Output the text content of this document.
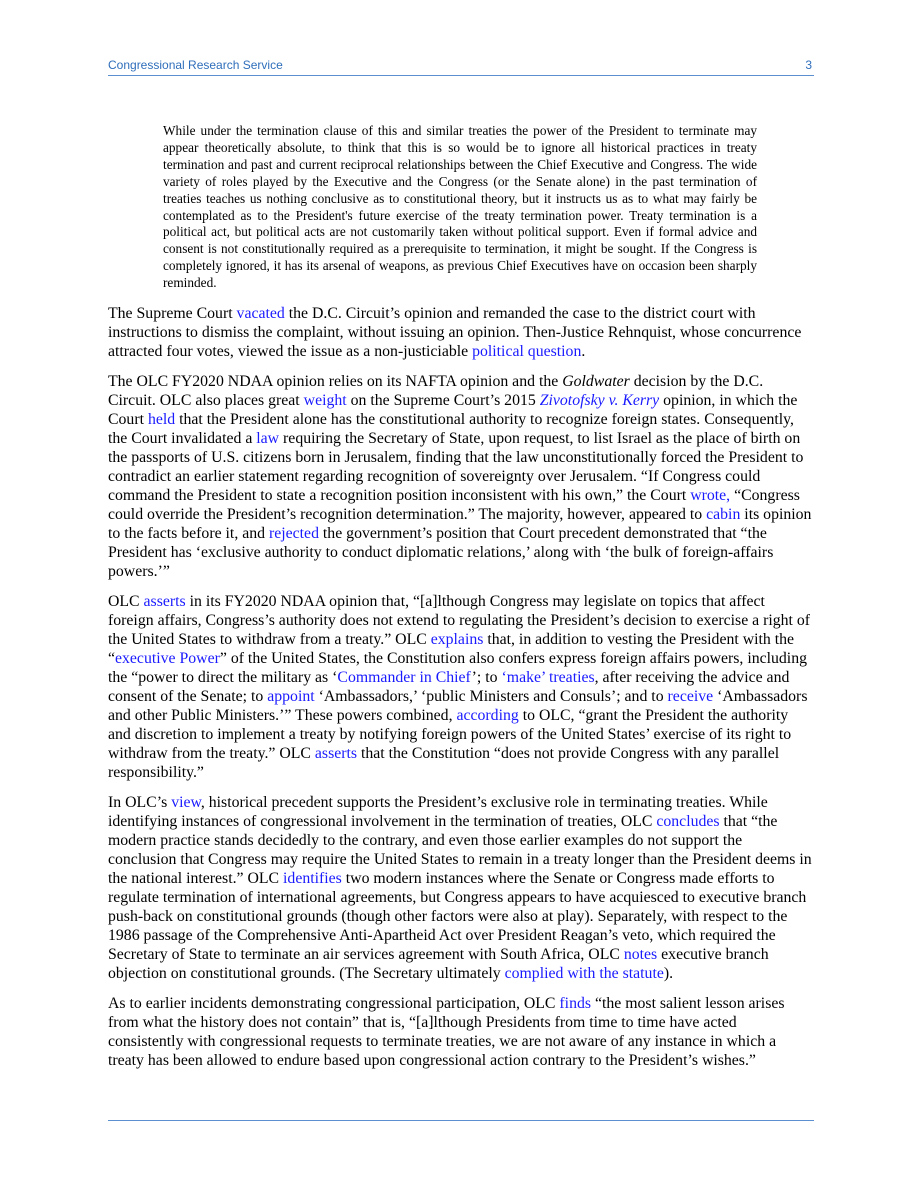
Congressional Research Service	3
While under the termination clause of this and similar treaties the power of the President to terminate may appear theoretically absolute, to think that this is so would be to ignore all historical practices in treaty termination and past and current reciprocal relationships between the Chief Executive and Congress. The wide variety of roles played by the Executive and the Congress (or the Senate alone) in the past termination of treaties teaches us nothing conclusive as to constitutional theory, but it instructs us as to what may fairly be contemplated as to the President's future exercise of the treaty termination power. Treaty termination is a political act, but political acts are not customarily taken without political support. Even if formal advice and consent is not constitutionally required as a prerequisite to termination, it might be sought. If the Congress is completely ignored, it has its arsenal of weapons, as previous Chief Executives have on occasion been sharply reminded.

The Supreme Court vacated the D.C. Circuit’s opinion and remanded the case to the district court with instructions to dismiss the complaint, without issuing an opinion. Then-Justice Rehnquist, whose concurrence attracted four votes, viewed the issue as a non-justiciable political question.

The OLC FY2020 NDAA opinion relies on its NAFTA opinion and the Goldwater decision by the D.C. Circuit. OLC also places great weight on the Supreme Court’s 2015 Zivotofsky v. Kerry opinion, in which the Court held that the President alone has the constitutional authority to recognize foreign states. Consequently, the Court invalidated a law requiring the Secretary of State, upon request, to list Israel as the place of birth on the passports of U.S. citizens born in Jerusalem, finding that the law unconstitutionally forced the President to contradict an earlier statement regarding recognition of sovereignty over Jerusalem. “If Congress could command the President to state a recognition position inconsistent with his own,” the Court wrote, “Congress could override the President’s recognition determination.” The majority, however, appeared to cabin its opinion to the facts before it, and rejected the government’s position that Court precedent demonstrated that “the President has ‘exclusive authority to conduct diplomatic relations,’ along with ‘the bulk of foreign-affairs powers.’”

OLC asserts in its FY2020 NDAA opinion that, “[a]lthough Congress may legislate on topics that affect foreign affairs, Congress’s authority does not extend to regulating the President’s decision to exercise a right of the United States to withdraw from a treaty.” OLC explains that, in addition to vesting the President with the “executive Power” of the United States, the Constitution also confers express foreign affairs powers, including the “power to direct the military as ‘Commander in Chief’; to ‘make’ treaties, after receiving the advice and consent of the Senate; to appoint ‘Ambassadors,’ ‘public Ministers and Consuls’; and to receive ‘Ambassadors and other Public Ministers.’” These powers combined, according to OLC, “grant the President the authority and discretion to implement a treaty by notifying foreign powers of the United States’ exercise of its right to withdraw from the treaty.” OLC asserts that the Constitution “does not provide Congress with any parallel responsibility.”

In OLC’s view, historical precedent supports the President’s exclusive role in terminating treaties. While identifying instances of congressional involvement in the termination of treaties, OLC concludes that “the modern practice stands decidedly to the contrary, and even those earlier examples do not support the conclusion that Congress may require the United States to remain in a treaty longer than the President deems in the national interest.” OLC identifies two modern instances where the Senate or Congress made efforts to regulate termination of international agreements, but Congress appears to have acquiesced to executive branch push-back on constitutional grounds (though other factors were also at play). Separately, with respect to the 1986 passage of the Comprehensive Anti-Apartheid Act over President Reagan’s veto, which required the Secretary of State to terminate an air services agreement with South Africa, OLC notes executive branch objection on constitutional grounds. (The Secretary ultimately complied with the statute).

As to earlier incidents demonstrating congressional participation, OLC finds “the most salient lesson arises from what the history does not contain” that is, “[a]lthough Presidents from time to time have acted consistently with congressional requests to terminate treaties, we are not aware of any instance in which a treaty has been allowed to endure based upon congressional action contrary to the President’s wishes.”
